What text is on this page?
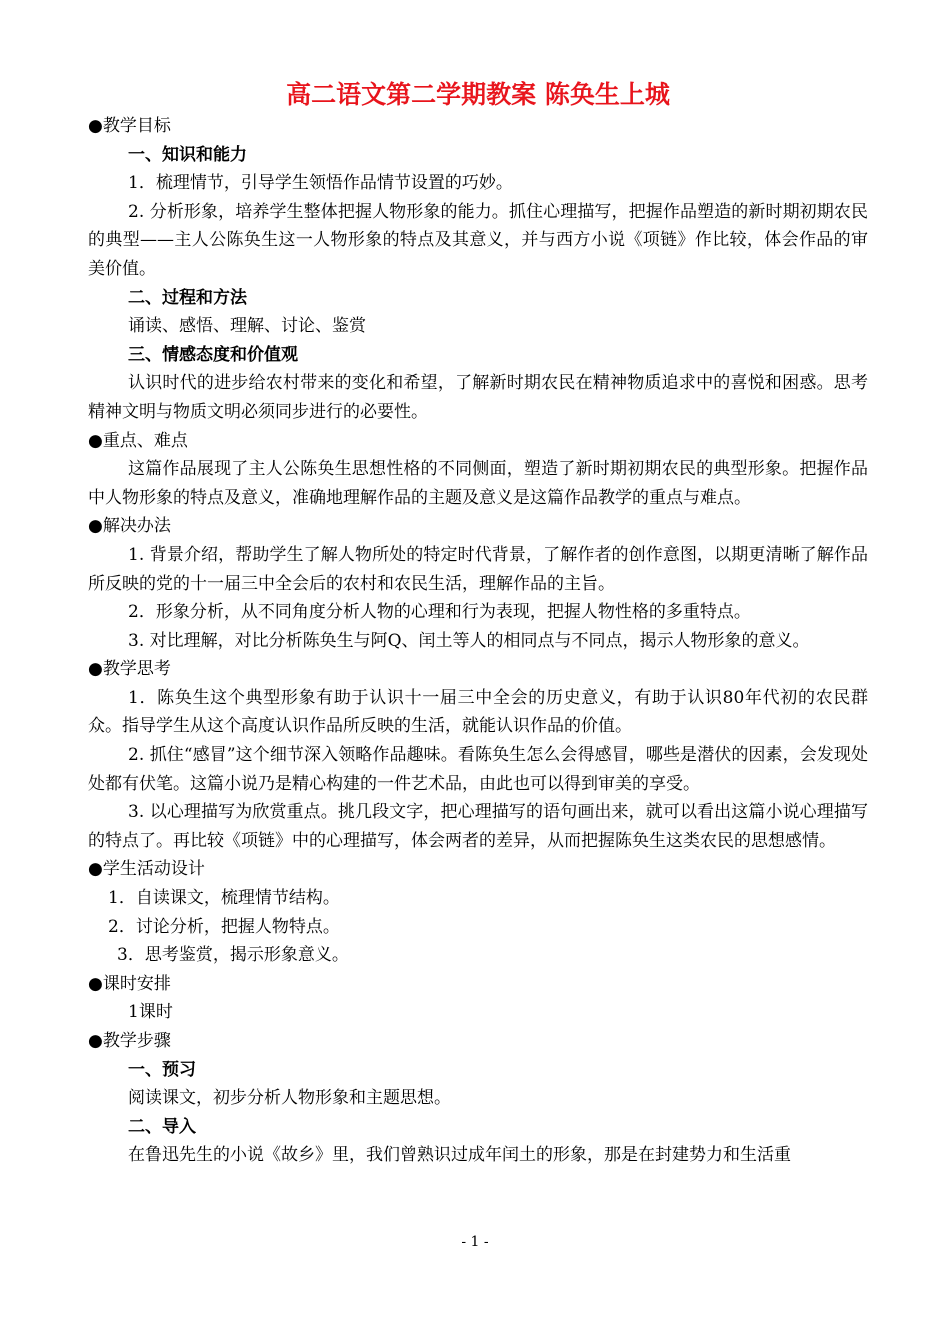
高二语文第二学期教案 陈奂生上城
●教学目标
一、知识和能力
1．梳理情节，引导学生领悟作品情节设置的巧妙。
2. 分析形象，培养学生整体把握人物形象的能力。抓住心理描写，把握作品塑造的新时期初期农民的典型——主人公陈奂生这一人物形象的特点及其意义，并与西方小说《项链》作比较，体会作品的审美价值。
二、过程和方法
诵读、感悟、理解、讨论、鉴赏
三、情感态度和价值观
认识时代的进步给农村带来的变化和希望，了解新时期农民在精神物质追求中的喜悦和困惑。思考精神文明与物质文明必须同步进行的必要性。
●重点、难点
这篇作品展现了主人公陈奂生思想性格的不同侧面，塑造了新时期初期农民的典型形象。把握作品中人物形象的特点及意义，准确地理解作品的主题及意义是这篇作品教学的重点与难点。
●解决办法
1. 背景介绍，帮助学生了解人物所处的特定时代背景，了解作者的创作意图，以期更清晰了解作品所反映的党的十一届三中全会后的农村和农民生活，理解作品的主旨。
2．形象分析，从不同角度分析人物的心理和行为表现，把握人物性格的多重特点。
3. 对比理解，对比分析陈奂生与阿Q、闰土等人的相同点与不同点，揭示人物形象的意义。
●教学思考
1．陈奂生这个典型形象有助于认识十一届三中全会的历史意义，有助于认识80年代初的农民群众。指导学生从这个高度认识作品所反映的生活，就能认识作品的价值。
2. 抓住“感冒”这个细节深入领略作品趣味。看陈奂生怎么会得感冒，哪些是潜伏的因素，会发现处处都有伏笔。这篇小说乃是精心构建的一件艺术品，由此也可以得到审美的享受。
3. 以心理描写为欣赏重点。挑几段文字，把心理描写的语句画出来，就可以看出这篇小说心理描写的特点了。再比较《项链》中的心理描写，体会两者的差异，从而把握陈奂生这类农民的思想感情。
●学生活动设计
1．自读课文，梳理情节结构。
2．讨论分析，把握人物特点。
3．思考鉴赏，揭示形象意义。
●课时安排
1课时
●教学步骤
一、预习
阅读课文，初步分析人物形象和主题思想。
二、导入
在鲁迅先生的小说《故乡》里，我们曾熟识过成年闰土的形象，那是在封建势力和生活重
- 1 -
